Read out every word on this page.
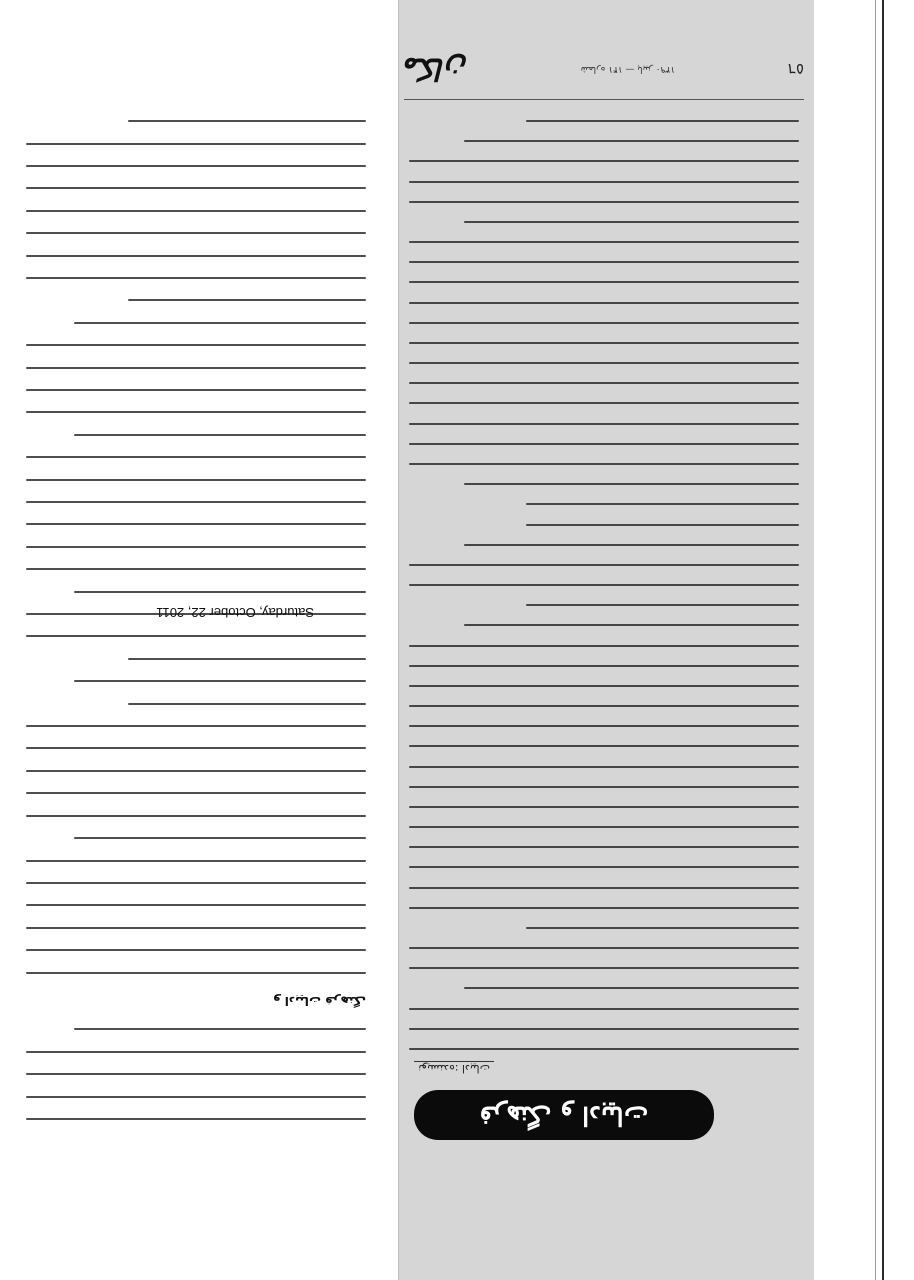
٥٦
شماره ۱۴۱ — پاییز ۱۳۹۰
مكان
فرهنگ و ادبیات
نویسنده: ادبیات
و ادبیات فرهنگ
Saturday, October 22, 2011
